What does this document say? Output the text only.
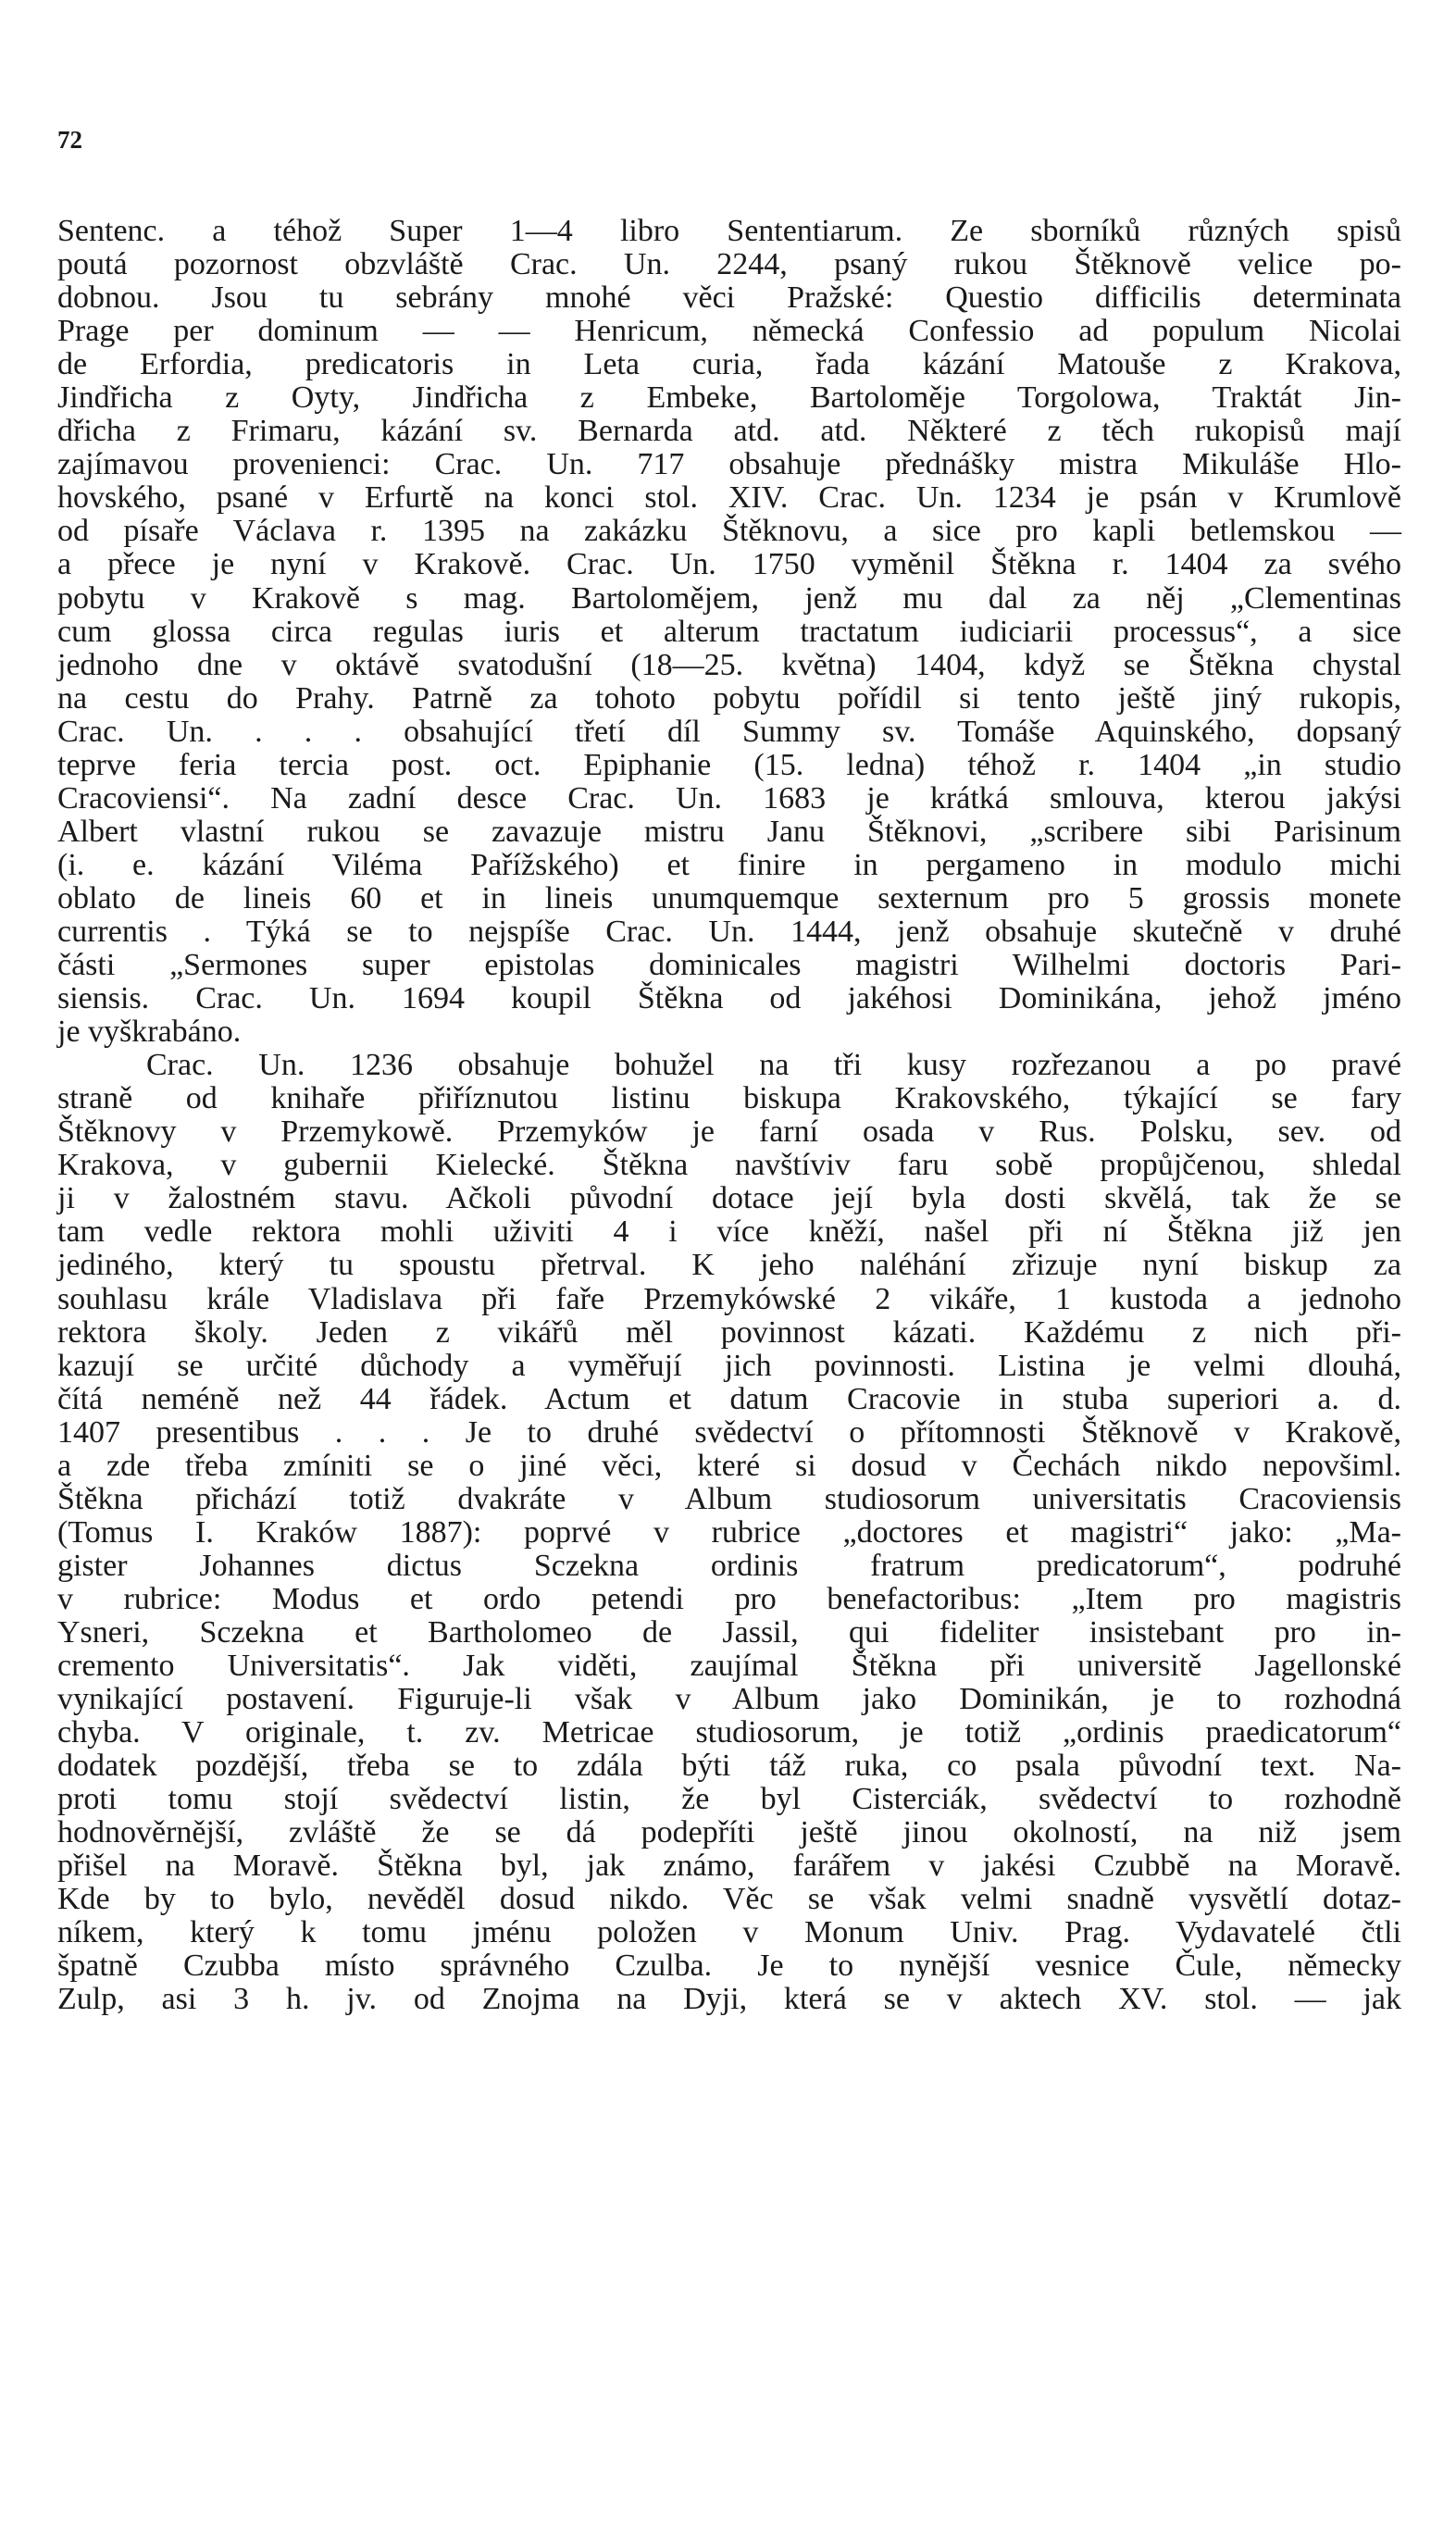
72
Sentenc. a téhož Super 1—4 libro Sententiarum. Ze sborníků různých spisů
poutá pozornost obzvláště Crac. Un. 2244, psaný rukou Štěknově velice po-
dobnou. Jsou tu sebrány mnohé věci Pražské: Questio difficilis determinata
Prage per dominum — — Henricum, německá Confessio ad populum Nicolai
de Erfordia, predicatoris in Leta curia, řada kázání Matouše z Krakova,
Jindřicha z Oyty, Jindřicha z Embeke, Bartoloměje Torgolowa, Traktát Jin-
dřicha z Frimaru, kázání sv. Bernarda atd. atd. Některé z těch rukopisů mají
zajímavou provenienci: Crac. Un. 717 obsahuje přednášky mistra Mikuláše Hlo-
hovského, psané v Erfurtě na konci stol. XIV. Crac. Un. 1234 je psán v Krumlově
od písaře Václava r. 1395 na zakázku Štěknovu, a sice pro kapli betlemskou —
a přece je nyní v Krakově. Crac. Un. 1750 vyměnil Štěkna r. 1404 za svého
pobytu v Krakově s mag. Bartolomějem, jenž mu dal za něj „Clementinas
cum glossa circa regulas iuris et alterum tractatum iudiciarii processus“, a sice
jednoho dne v oktávě svatodušní (18—25. května) 1404, když se Štěkna chystal
na cestu do Prahy. Patrně za tohoto pobytu pořídil si tento ještě jiný rukopis,
Crac. Un. . . . obsahující třetí díl Summy sv. Tomáše Aquinského, dopsaný
teprve feria tercia post. oct. Epiphanie (15. ledna) téhož r. 1404 „in studio
Cracoviensi“. Na zadní desce Crac. Un. 1683 je krátká smlouva, kterou jakýsi
Albert vlastní rukou se zavazuje mistru Janu Štěknovi, „scribere sibi Parisinum
(i. e. kázání Viléma Pařížského) et finire in pergameno in modulo michi
oblato de lineis 60 et in lineis unumquemque sexternum pro 5 grossis monete
currentis . Týká se to nejspíše Crac. Un. 1444, jenž obsahuje skutečně v druhé
části „Sermones super epistolas dominicales magistri Wilhelmi doctoris Pari-
siensis. Crac. Un. 1694 koupil Štěkna od jakéhosi Dominikána, jehož jméno
je vyškrabáno.
Crac. Un. 1236 obsahuje bohužel na tři kusy rozřezanou a po pravé
straně od knihaře přiříznutou listinu biskupa Krakovského, týkající se fary
Štěknovy v Przemykowě. Przemyków je farní osada v Rus. Polsku, sev. od
Krakova, v gubernii Kielecké. Štěkna navštíviv faru sobě propůjčenou, shledal
ji v žalostném stavu. Ačkoli původní dotace její byla dosti skvělá, tak že se
tam vedle rektora mohli uživiti 4 i více kněží, našel při ní Štěkna již jen
jediného, který tu spoustu přetrval. K jeho naléhání zřizuje nyní biskup za
souhlasu krále Vladislava při faře Przemykówské 2 vikáře, 1 kustoda a jednoho
rektora školy. Jeden z vikářů měl povinnost kázati. Každému z nich při-
kazují se určité důchody a vyměřují jich povinnosti. Listina je velmi dlouhá,
čítá neméně než 44 řádek. Actum et datum Cracovie in stuba superiori a. d.
1407 presentibus . . . Je to druhé svědectví o přítomnosti Štěknově v Krakově,
a zde třeba zmíniti se o jiné věci, které si dosud v Čechách nikdo nepovšiml.
Štěkna přichází totiž dvakráte v Album studiosorum universitatis Cracoviensis
(Tomus I. Kraków 1887): poprvé v rubrice „doctores et magistri“ jako: „Ma-
gister Johannes dictus Sczekna ordinis fratrum predicatorum“, podruhé
v rubrice: Modus et ordo petendi pro benefactoribus: „Item pro magistris
Ysneri, Sczekna et Bartholomeo de Jassil, qui fideliter insistebant pro in-
cremento Universitatis“. Jak viděti, zaujímal Štěkna při universitě Jagellonské
vynikající postavení. Figuruje-li však v Album jako Dominikán, je to rozhodná
chyba. V originale, t. zv. Metricae studiosorum, je totiž „ordinis praedicatorum“
dodatek pozdější, třeba se to zdála býti táž ruka, co psala původní text. Na-
proti tomu stojí svědectví listin, že byl Cisterciák, svědectví to rozhodně
hodnověrnější, zvláště že se dá podepříti ještě jinou okolností, na niž jsem
přišel na Moravě. Štěkna byl, jak známo, farářem v jakési Czubbě na Moravě.
Kde by to bylo, nevěděl dosud nikdo. Věc se však velmi snadně vysvětlí dotaz-
níkem, který k tomu jménu položen v Monum Univ. Prag. Vydavatelé čtli
špatně Czubba místo správného Czulba. Je to nynější vesnice Čule, německy
Zulp, asi 3 h. jv. od Znojma na Dyji, která se v aktech XV. stol. — jak
